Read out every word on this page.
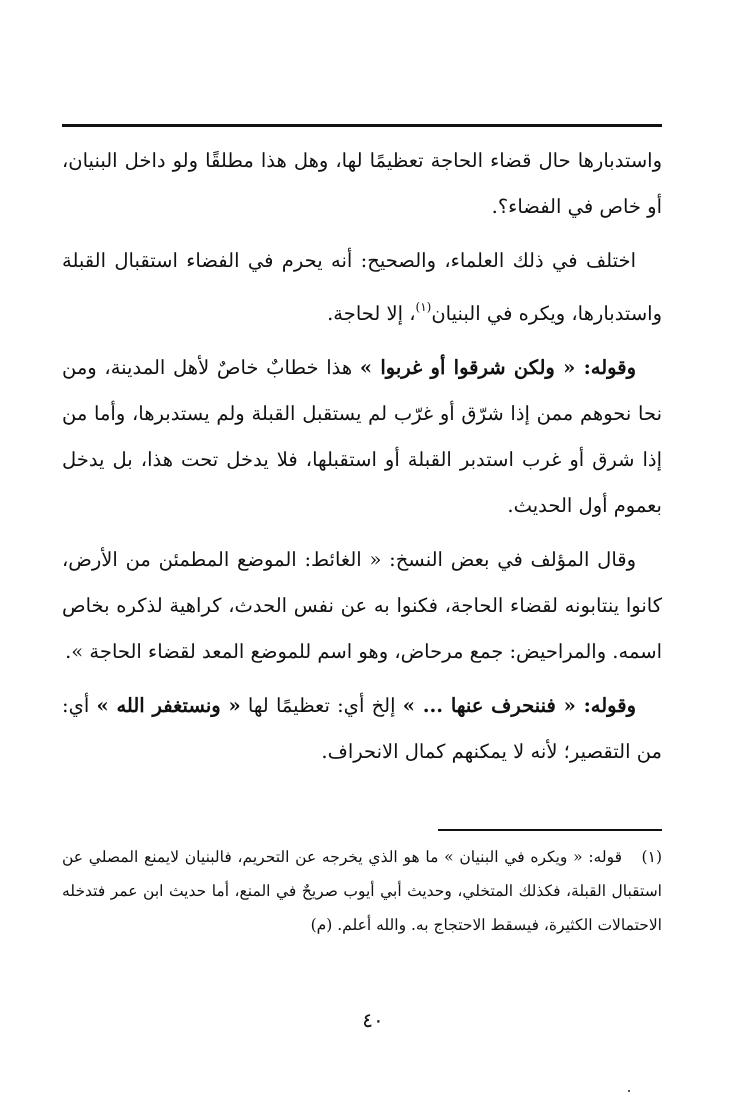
واستدبارها حال قضاء الحاجة تعظيمًا لها، وهل هذا مطلقًا ولو داخل البنيان، أو خاص في الفضاء؟.

اختلف في ذلك العلماء، والصحيح: أنه يحرم في الفضاء استقبال القبلة واستدبارها، ويكره في البنيان$^{(١)}$، إلا لحاجة.

وقوله: « ولكن شرقوا أو غربوا » هذا خطابٌ خاصٌ لأهل المدينة، ومن نحا نحوهم ممن إذا شرّق أو غرّب لم يستقبل القبلة ولم يستدبرها، وأما من إذا شرق أو غرب استدبر القبلة أو استقبلها، فلا يدخل تحت هذا، بل يدخل بعموم أول الحديث.

وقال المؤلف في بعض النسخ: « الغائط: الموضع المطمئن من الأرض، كانوا ينتابونه لقضاء الحاجة، فكنوا به عن نفس الحدث، كراهية لذكره بخاص اسمه. والمراحيض: جمع مرحاض، وهو اسم للموضع المعد لقضاء الحاجة ».

وقوله: « فننحرف عنها ... » إلخ أي: تعظيمًا لها « ونستغفر الله » أي: من التقصير؛ لأنه لا يمكنهم كمال الانحراف.

(١)قوله: « ويكره في البنيان » ما هو الذي يخرجه عن التحريم، فالبنيان لايمنع المصلي عن استقبال القبلة، فكذلك المتخلي، وحديث أبي أيوب صريحٌ في المنع، أما حديث ابن عمر فتدخله الاحتمالات الكثيرة، فيسقط الاحتجاج به. والله أعلم. (م)

٤٠
